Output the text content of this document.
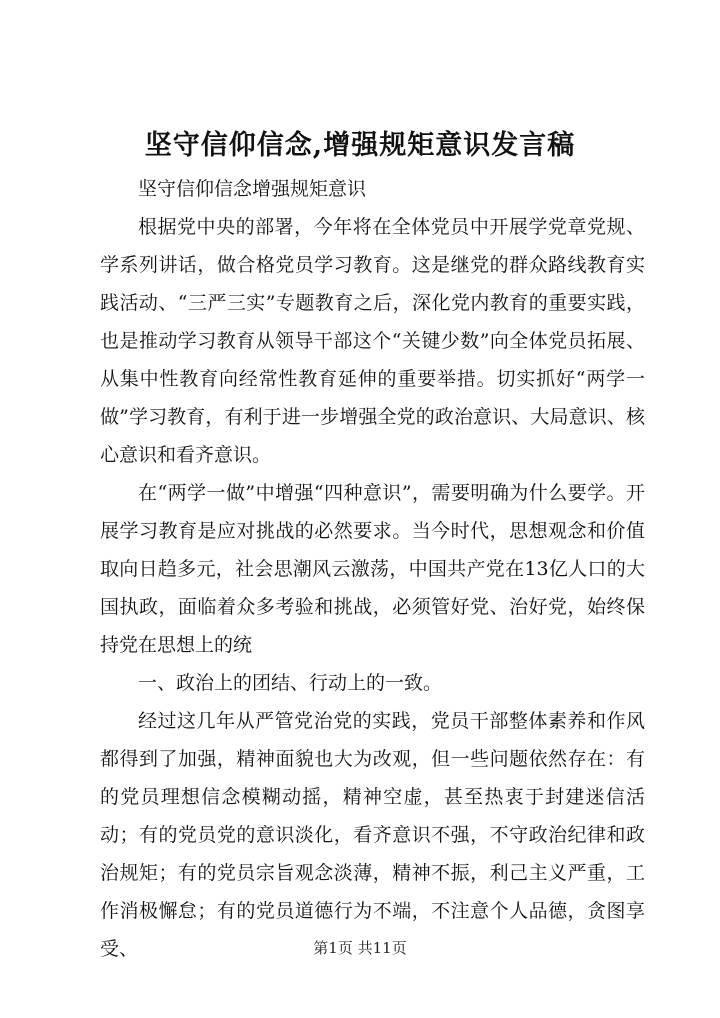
坚守信仰信念,增强规矩意识发言稿

坚守信仰信念增强规矩意识

根据党中央的部署，今年将在全体党员中开展学党章党规、学系列讲话，做合格党员学习教育。这是继党的群众路线教育实践活动、“三严三实”专题教育之后，深化党内教育的重要实践，也是推动学习教育从领导干部这个“关键少数”向全体党员拓展、从集中性教育向经常性教育延伸的重要举措。切实抓好“两学一做”学习教育，有利于进一步增强全党的政治意识、大局意识、核心意识和看齐意识。

在“两学一做”中增强“四种意识”，需要明确为什么要学。开展学习教育是应对挑战的必然要求。当今时代，思想观念和价值取向日趋多元，社会思潮风云激荡，中国共产党在13亿人口的大国执政，面临着众多考验和挑战，必须管好党、治好党，始终保持党在思想上的统

一、政治上的团结、行动上的一致。

经过这几年从严管党治党的实践，党员干部整体素养和作风都得到了加强，精神面貌也大为改观，但一些问题依然存在：有的党员理想信念模糊动摇，精神空虚，甚至热衷于封建迷信活动；有的党员党的意识淡化，看齐意识不强，不守政治纪律和政治规矩；有的党员宗旨观念淡薄，精神不振，利己主义严重，工作消极懈怠；有的党员道德行为不端，不注意个人品德，贪图享受、	第1页 共11页
